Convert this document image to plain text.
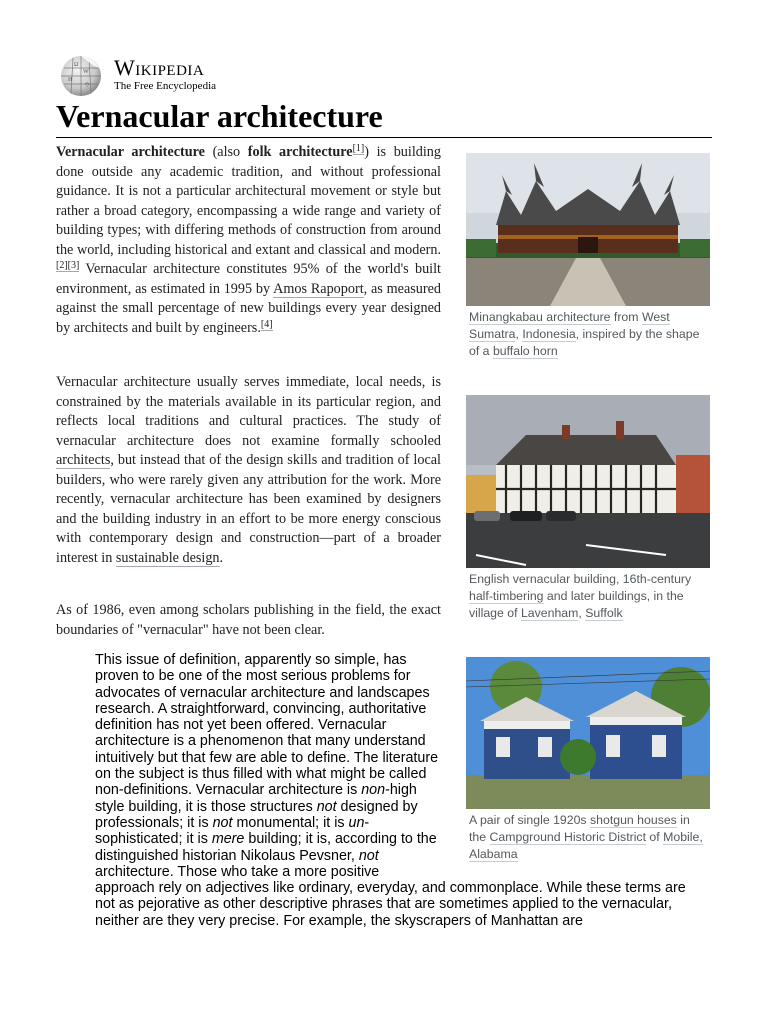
Ω
W
И
ウ
Wikipedia
The Free Encyclopedia
Vernacular architecture

Vernacular architecture (also folk architecture[1]) is building done outside any academic tradition, and without professional guidance. It is not a particular architectural movement or style but rather a broad category, encompassing a wide range and variety of building types; with differing methods of construction from around the world, including historical and extant and classical and modern.[2][3] Vernacular architecture constitutes 95% of the world's built environment, as estimated in 1995 by Amos Rapoport, as measured against the small percentage of new buildings every year designed by architects and built by engineers.[4]

Vernacular architecture usually serves immediate, local needs, is constrained by the materials available in its particular region, and reflects local traditions and cultural practices. The study of vernacular architecture does not examine formally schooled architects, but instead that of the design skills and tradition of local builders, who were rarely given any attribution for the work. More recently, vernacular architecture has been examined by designers and the building industry in an effort to be more energy conscious with contemporary design and construction—part of a broader interest in sustainable design.

As of 1986, even among scholars publishing in the field, the exact boundaries of "vernacular" have not been clear.

This issue of definition, apparently so simple, has proven to be one of the most serious problems for advocates of vernacular architecture and landscapes research. A straightforward, convincing, authoritative definition has not yet been offered. Vernacular architecture is a phenomenon that many understand intuitively but that few are able to define. The literature on the subject is thus filled with what might be called non-definitions. Vernacular architecture is non-high style building, it is those structures not designed by professionals; it is not monumental; it is un-sophisticated; it is mere building; it is, according to the distinguished historian Nikolaus Pevsner, not architecture. Those who take a more positive approach rely on adjectives like ordinary, everyday, and commonplace. While these terms are not as pejorative as other descriptive phrases that are sometimes applied to the vernacular, neither are they very precise. For example, the skyscrapers of Manhattan are
Minangkabau architecture from West Sumatra, Indonesia, inspired by the shape of a buffalo horn
English vernacular building, 16th-century half-timbering and later buildings, in the village of Lavenham, Suffolk
A pair of single 1920s shotgun houses in the Campground Historic District of Mobile, Alabama
